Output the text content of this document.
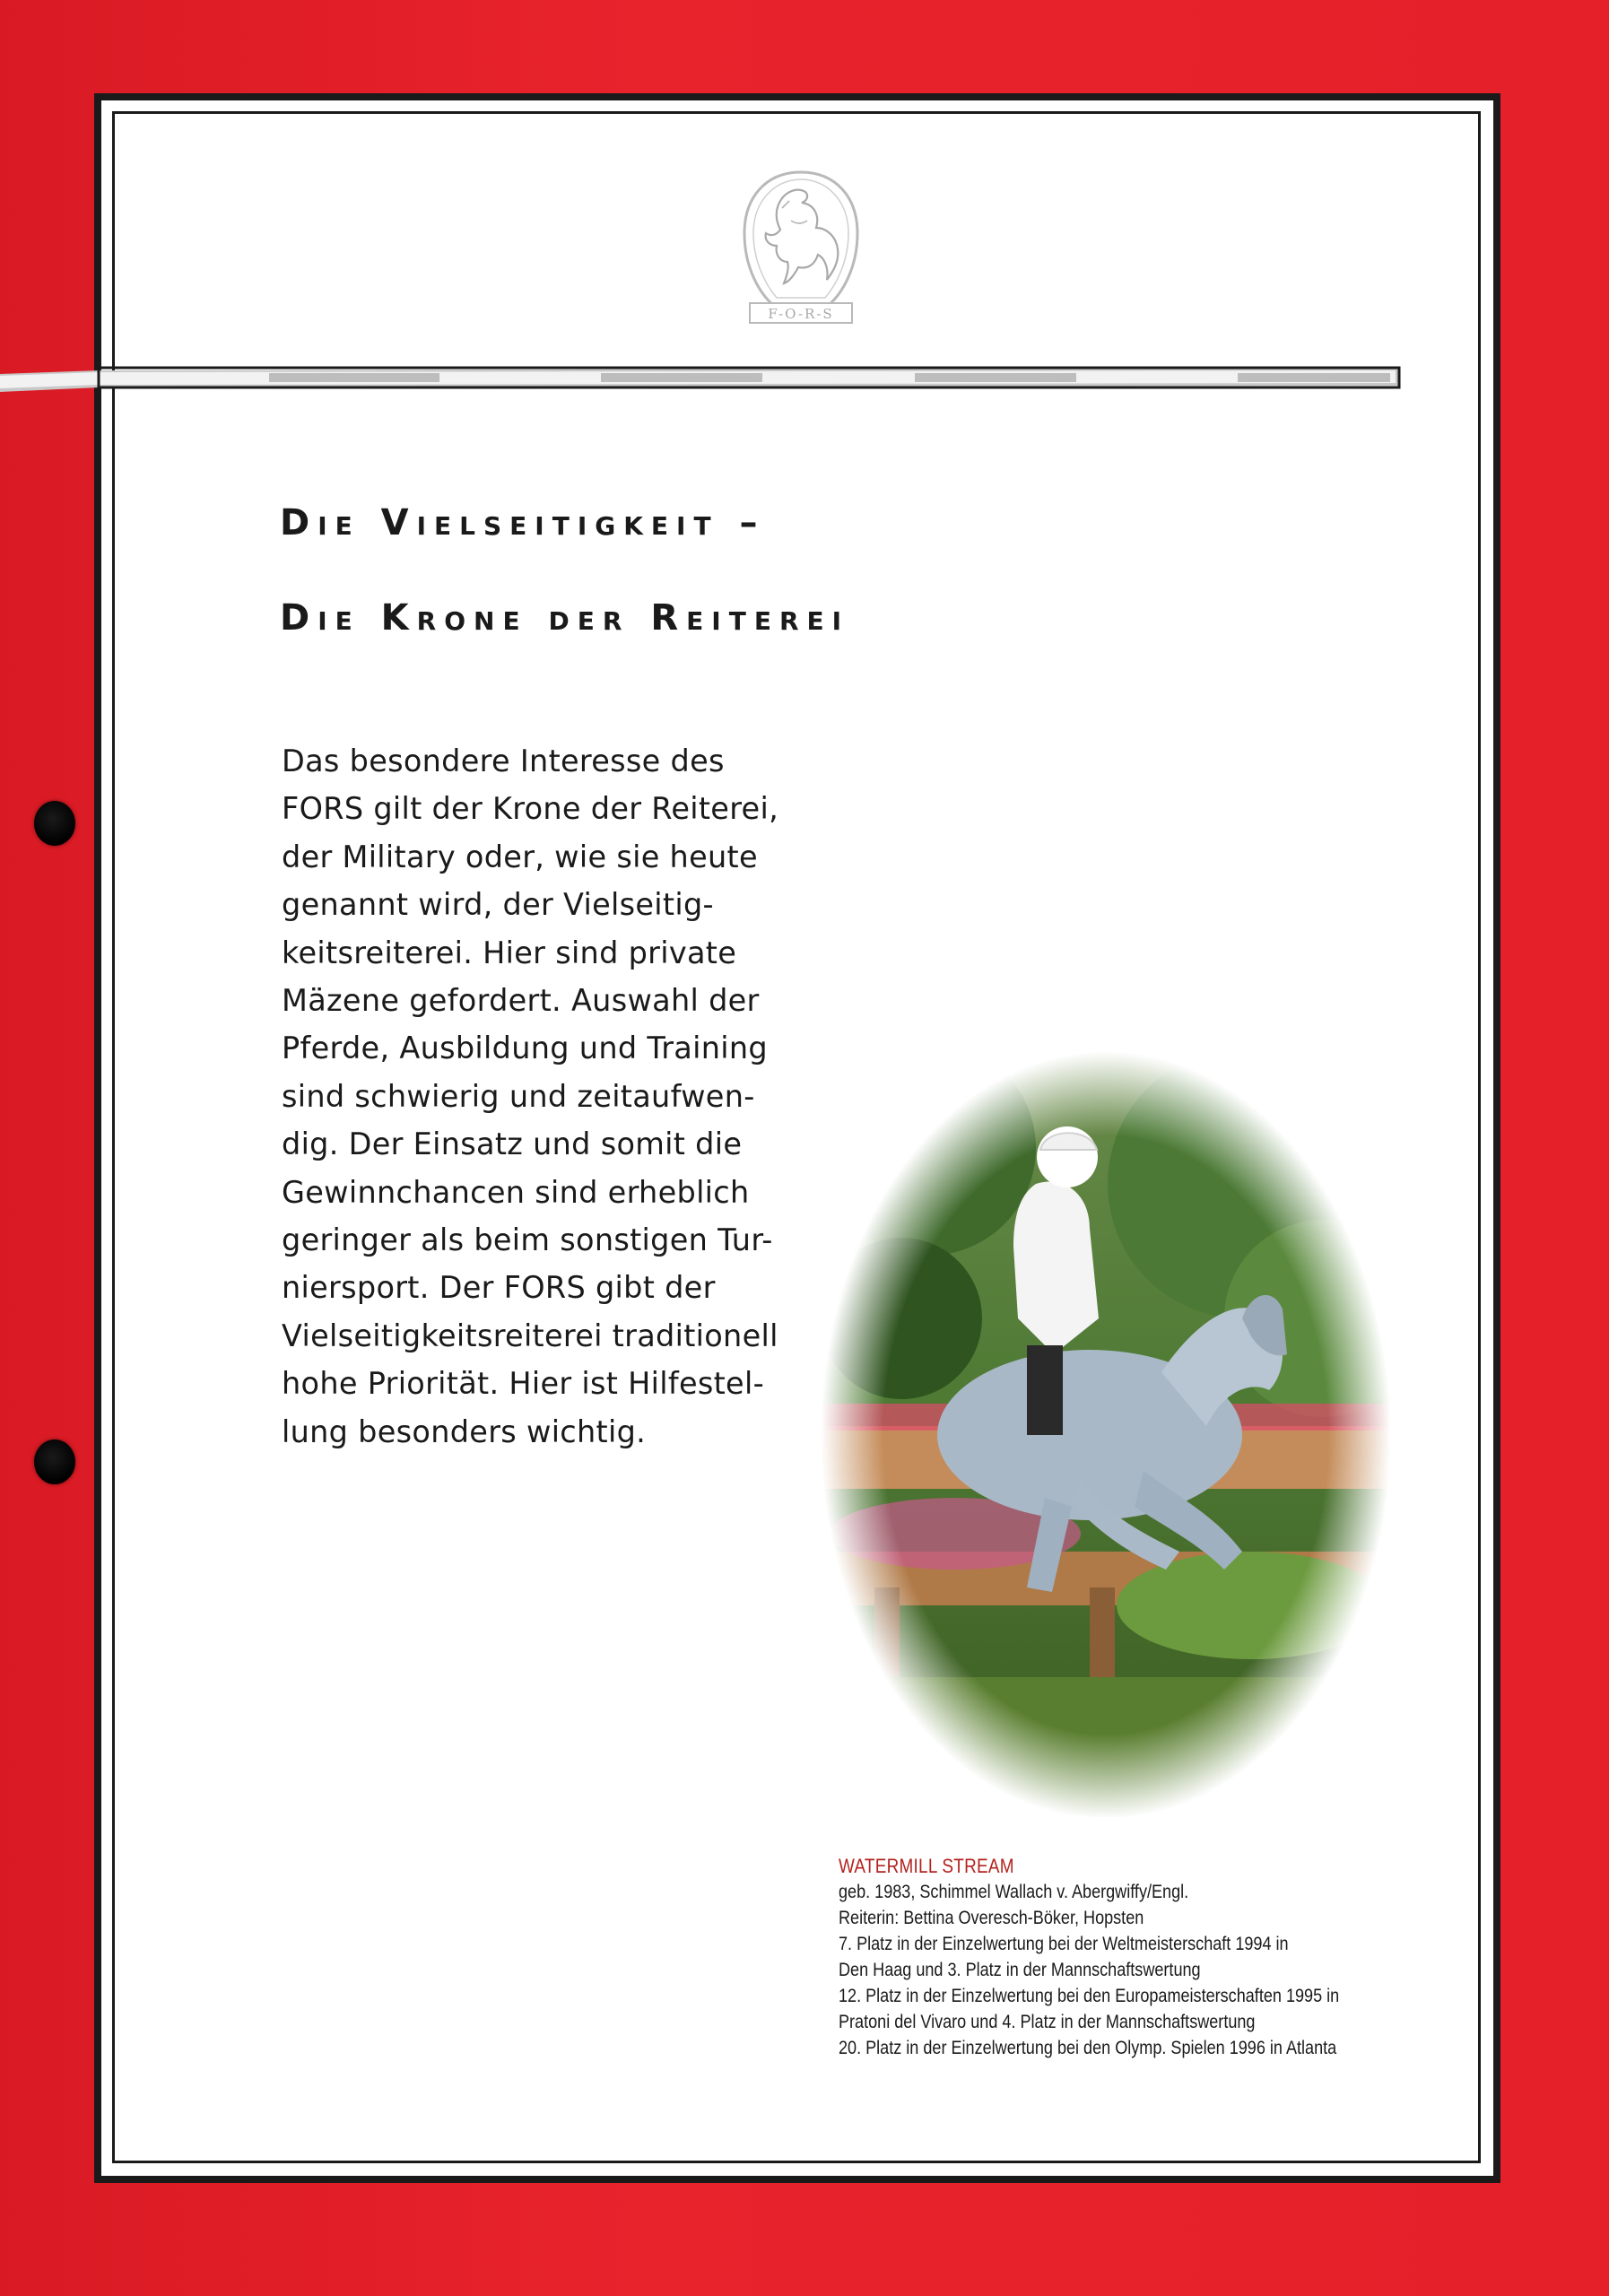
F-O-R-S
Die Vielseitigkeit –
Die Krone der Reiterei
Das besondere Interesse des
FORS gilt der Krone der Reiterei,
der Military oder, wie sie heute
genannt wird, der Vielseitig-
keitsreiterei. Hier sind private
Mäzene gefordert. Auswahl der
Pferde, Ausbildung und Training
sind schwierig und zeitaufwen-
dig. Der Einsatz und somit die
Gewinnchancen sind erheblich
geringer als beim sonstigen Tur-
niersport. Der FORS gibt der
Vielseitigkeitsreiterei traditionell
hohe Priorität. Hier ist Hilfestel-
lung besonders wichtig.
WATERMILL STREAM
geb. 1983, Schimmel Wallach v. Abergwiffy/Engl.
Reiterin: Bettina Overesch-Böker, Hopsten
7. Platz in der Einzelwertung bei der Weltmeisterschaft 1994 in
Den Haag und 3. Platz in der Mannschaftswertung
12. Platz in der Einzelwertung bei den Europameisterschaften 1995 in
Pratoni del Vivaro und 4. Platz in der Mannschaftswertung
20. Platz in der Einzelwertung bei den Olymp. Spielen 1996 in Atlanta
